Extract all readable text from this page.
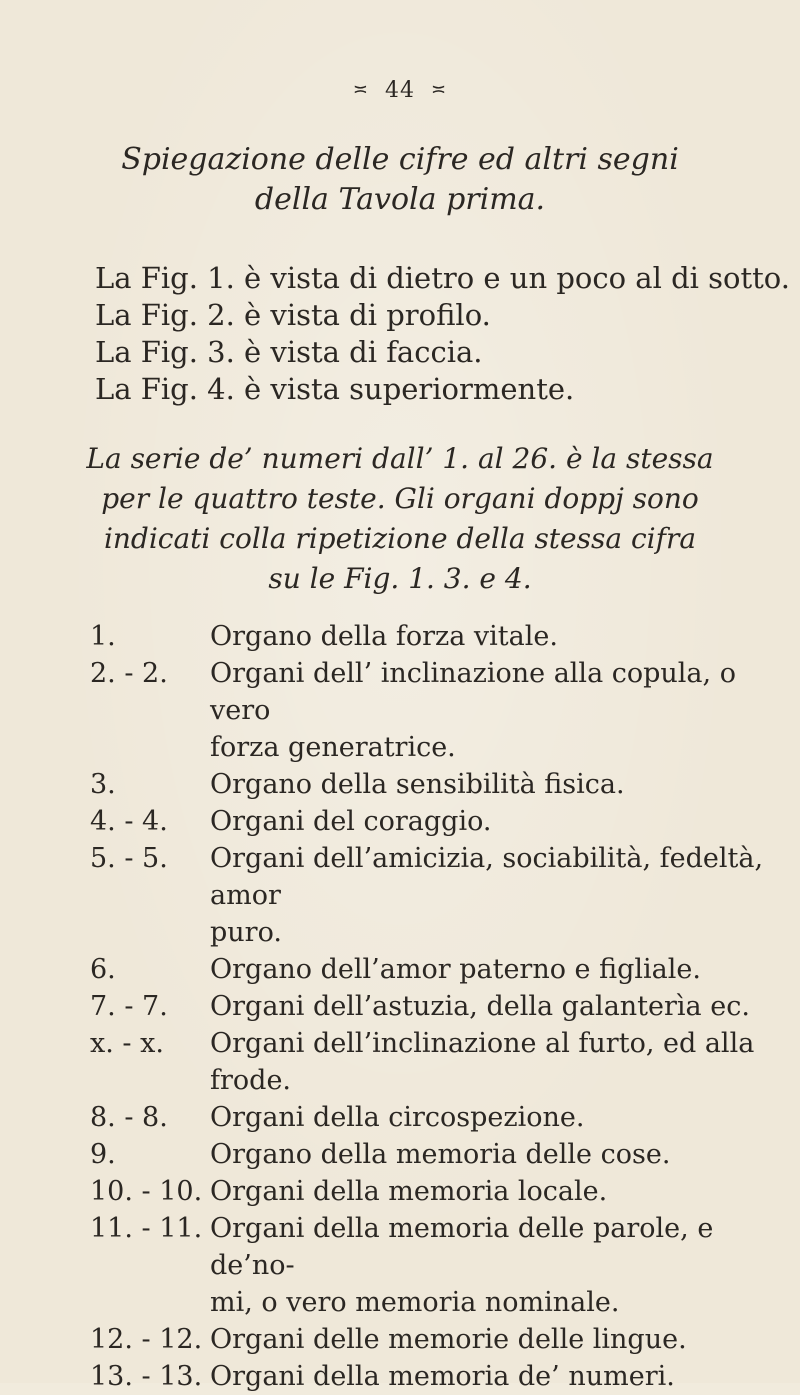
≍ 44 ≍
Spiegazione delle cifre ed altri segni
della Tavola prima.
La Fig. 1. è vista di dietro e un poco al di sotto.
La Fig. 2. è vista di profilo.
La Fig. 3. è vista di faccia.
La Fig. 4. è vista superiormente.
La serie de’ numeri dall’ 1. al 26. è la stessa
per le quattro teste. Gli organi doppj sono
indicati colla ripetizione della stessa cifra
su le Fig. 1. 3. e 4.
1.	Organo della forza vitale.
2. - 2.	Organi dell’ inclinazione alla copula, o vero
forza generatrice.
3.	Organo della sensibilità fisica.
4. - 4.	Organi del coraggio.
5. - 5.	Organi dell’amicizia, sociabilità, fedeltà, amor
puro.
6.	Organo dell’amor paterno e figliale.
7. - 7.	Organi dell’astuzia, della galanterìa ec.
x. - x.	Organi dell’inclinazione al furto, ed alla frode.
8. - 8.	Organi della circospezione.
9.	Organo della memoria delle cose.
10. - 10. Organi della memoria locale.
11. - 11. Organi della memoria delle parole, e de’no-
mi, o vero memoria nominale.
12. - 12. Organi delle memorie delle lingue.
13. - 13. Organi della memoria de’ numeri.
